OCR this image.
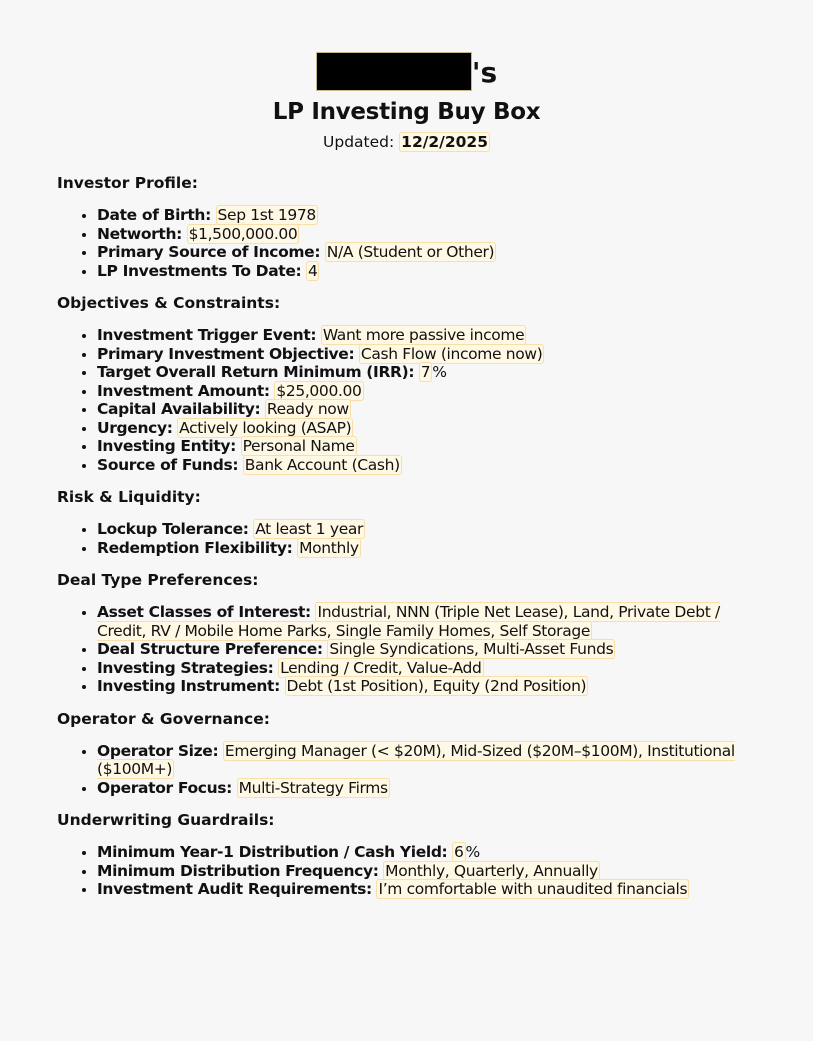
's
LP Investing Buy Box
Updated: 12/2/2025

Investor Profile:

• Date of Birth: Sep 1st 1978
• Networth: $1,500,000.00
• Primary Source of Income: N/A (Student or Other)
• LP Investments To Date: 4

Objectives & Constraints:

• Investment Trigger Event: Want more passive income
• Primary Investment Objective: Cash Flow (income now)
• Target Overall Return Minimum (IRR): 7 %
• Investment Amount: $25,000.00
• Capital Availability: Ready now
• Urgency: Actively looking (ASAP)
• Investing Entity: Personal Name
• Source of Funds: Bank Account (Cash)

Risk & Liquidity:

• Lockup Tolerance: At least 1 year
• Redemption Flexibility: Monthly

Deal Type Preferences:

• Asset Classes of Interest: Industrial, NNN (Triple Net Lease), Land, Private Debt / Credit, RV / Mobile Home Parks, Single Family Homes, Self Storage
• Deal Structure Preference: Single Syndications, Multi-Asset Funds
• Investing Strategies: Lending / Credit, Value-Add
• Investing Instrument: Debt (1st Position), Equity (2nd Position)

Operator & Governance:

• Operator Size: Emerging Manager (< $20M), Mid-Sized ($20M–$100M), Institutional ($100M+)
• Operator Focus: Multi-Strategy Firms

Underwriting Guardrails:

• Minimum Year-1 Distribution / Cash Yield: 6 %
• Minimum Distribution Frequency: Monthly, Quarterly, Annually
• Investment Audit Requirements: I’m comfortable with unaudited financials
